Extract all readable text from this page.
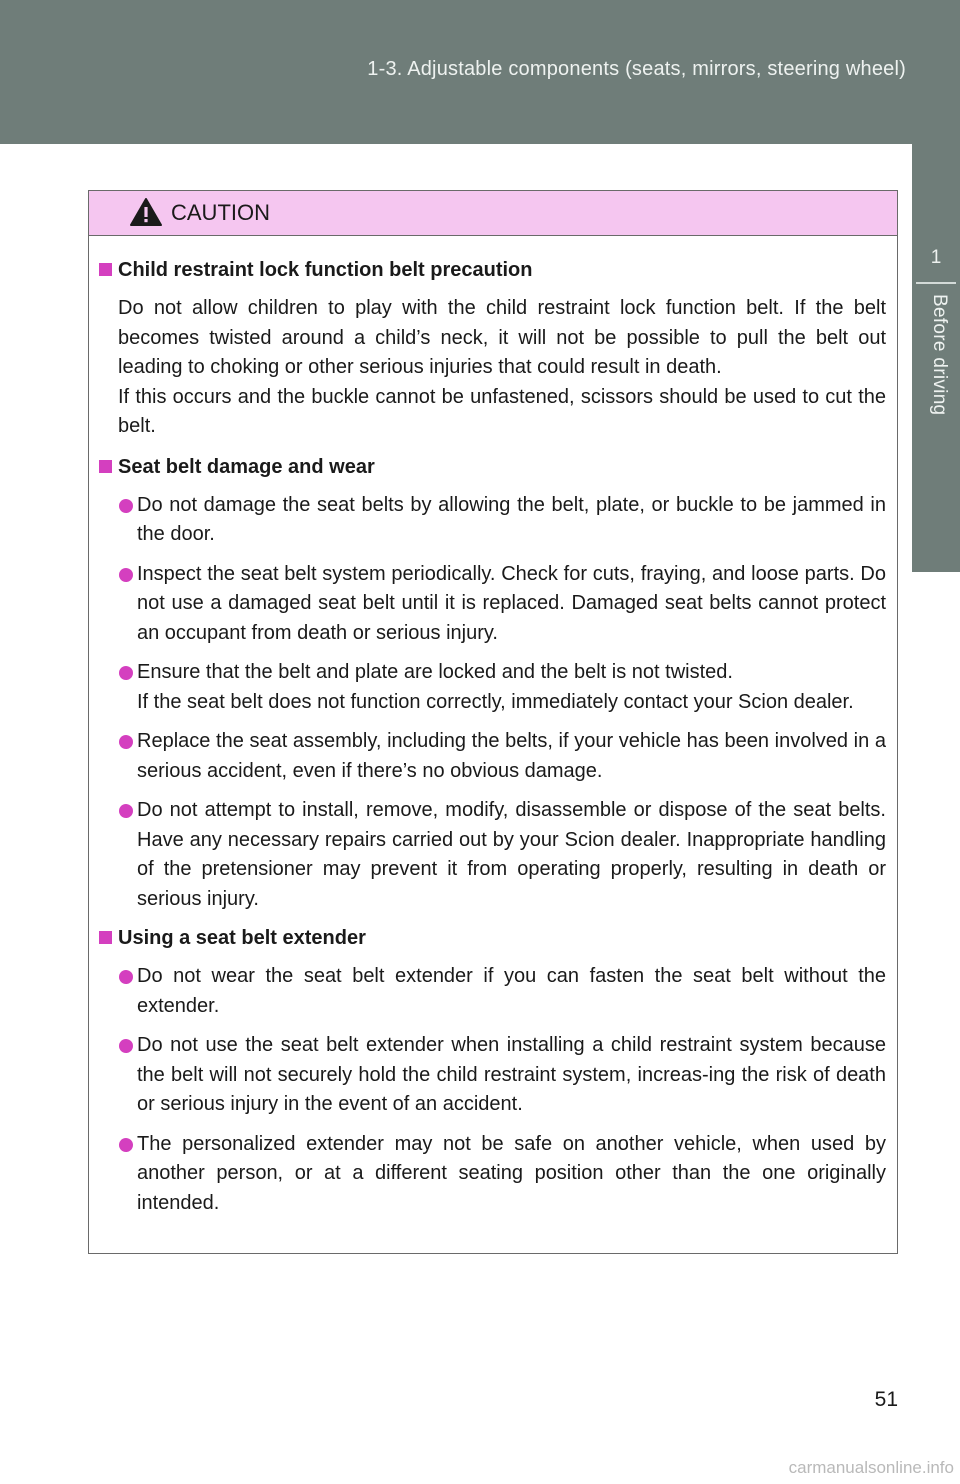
1-3. Adjustable components (seats, mirrors, steering wheel)
1
Before driving
CAUTION
Child restraint lock function belt precaution

Do not allow children to play with the child restraint lock function belt. If the belt becomes twisted around a child’s neck, it will not be possible to pull the belt out leading to choking or other serious injuries that could result in death.

If this occurs and the buckle cannot be unfastened, scissors should be used to cut the belt.

Seat belt damage and wear
Do not damage the seat belts by allowing the belt, plate, or buckle to be jammed in the door.
Inspect the seat belt system periodically. Check for cuts, fraying, and loose parts. Do not use a damaged seat belt until it is replaced. Damaged seat belts cannot protect an occupant from death or serious injury.
Ensure that the belt and plate are locked and the belt is not twisted.
If the seat belt does not function correctly, immediately contact your Scion dealer.
Replace the seat assembly, including the belts, if your vehicle has been involved in a serious accident, even if there’s no obvious damage.
Do not attempt to install, remove, modify, disassemble or dispose of the seat belts. Have any necessary repairs carried out by your Scion dealer. Inappropriate handling of the pretensioner may prevent it from operating properly, resulting in death or serious injury.
Using a seat belt extender
Do not wear the seat belt extender if you can fasten the seat belt without the extender.
Do not use the seat belt extender when installing a child restraint system because the belt will not securely hold the child restraint system, increas-ing the risk of death or serious injury in the event of an accident.
The personalized extender may not be safe on another vehicle, when used by another person, or at a different seating position other than the one originally intended.
51
carmanualsonline.info
